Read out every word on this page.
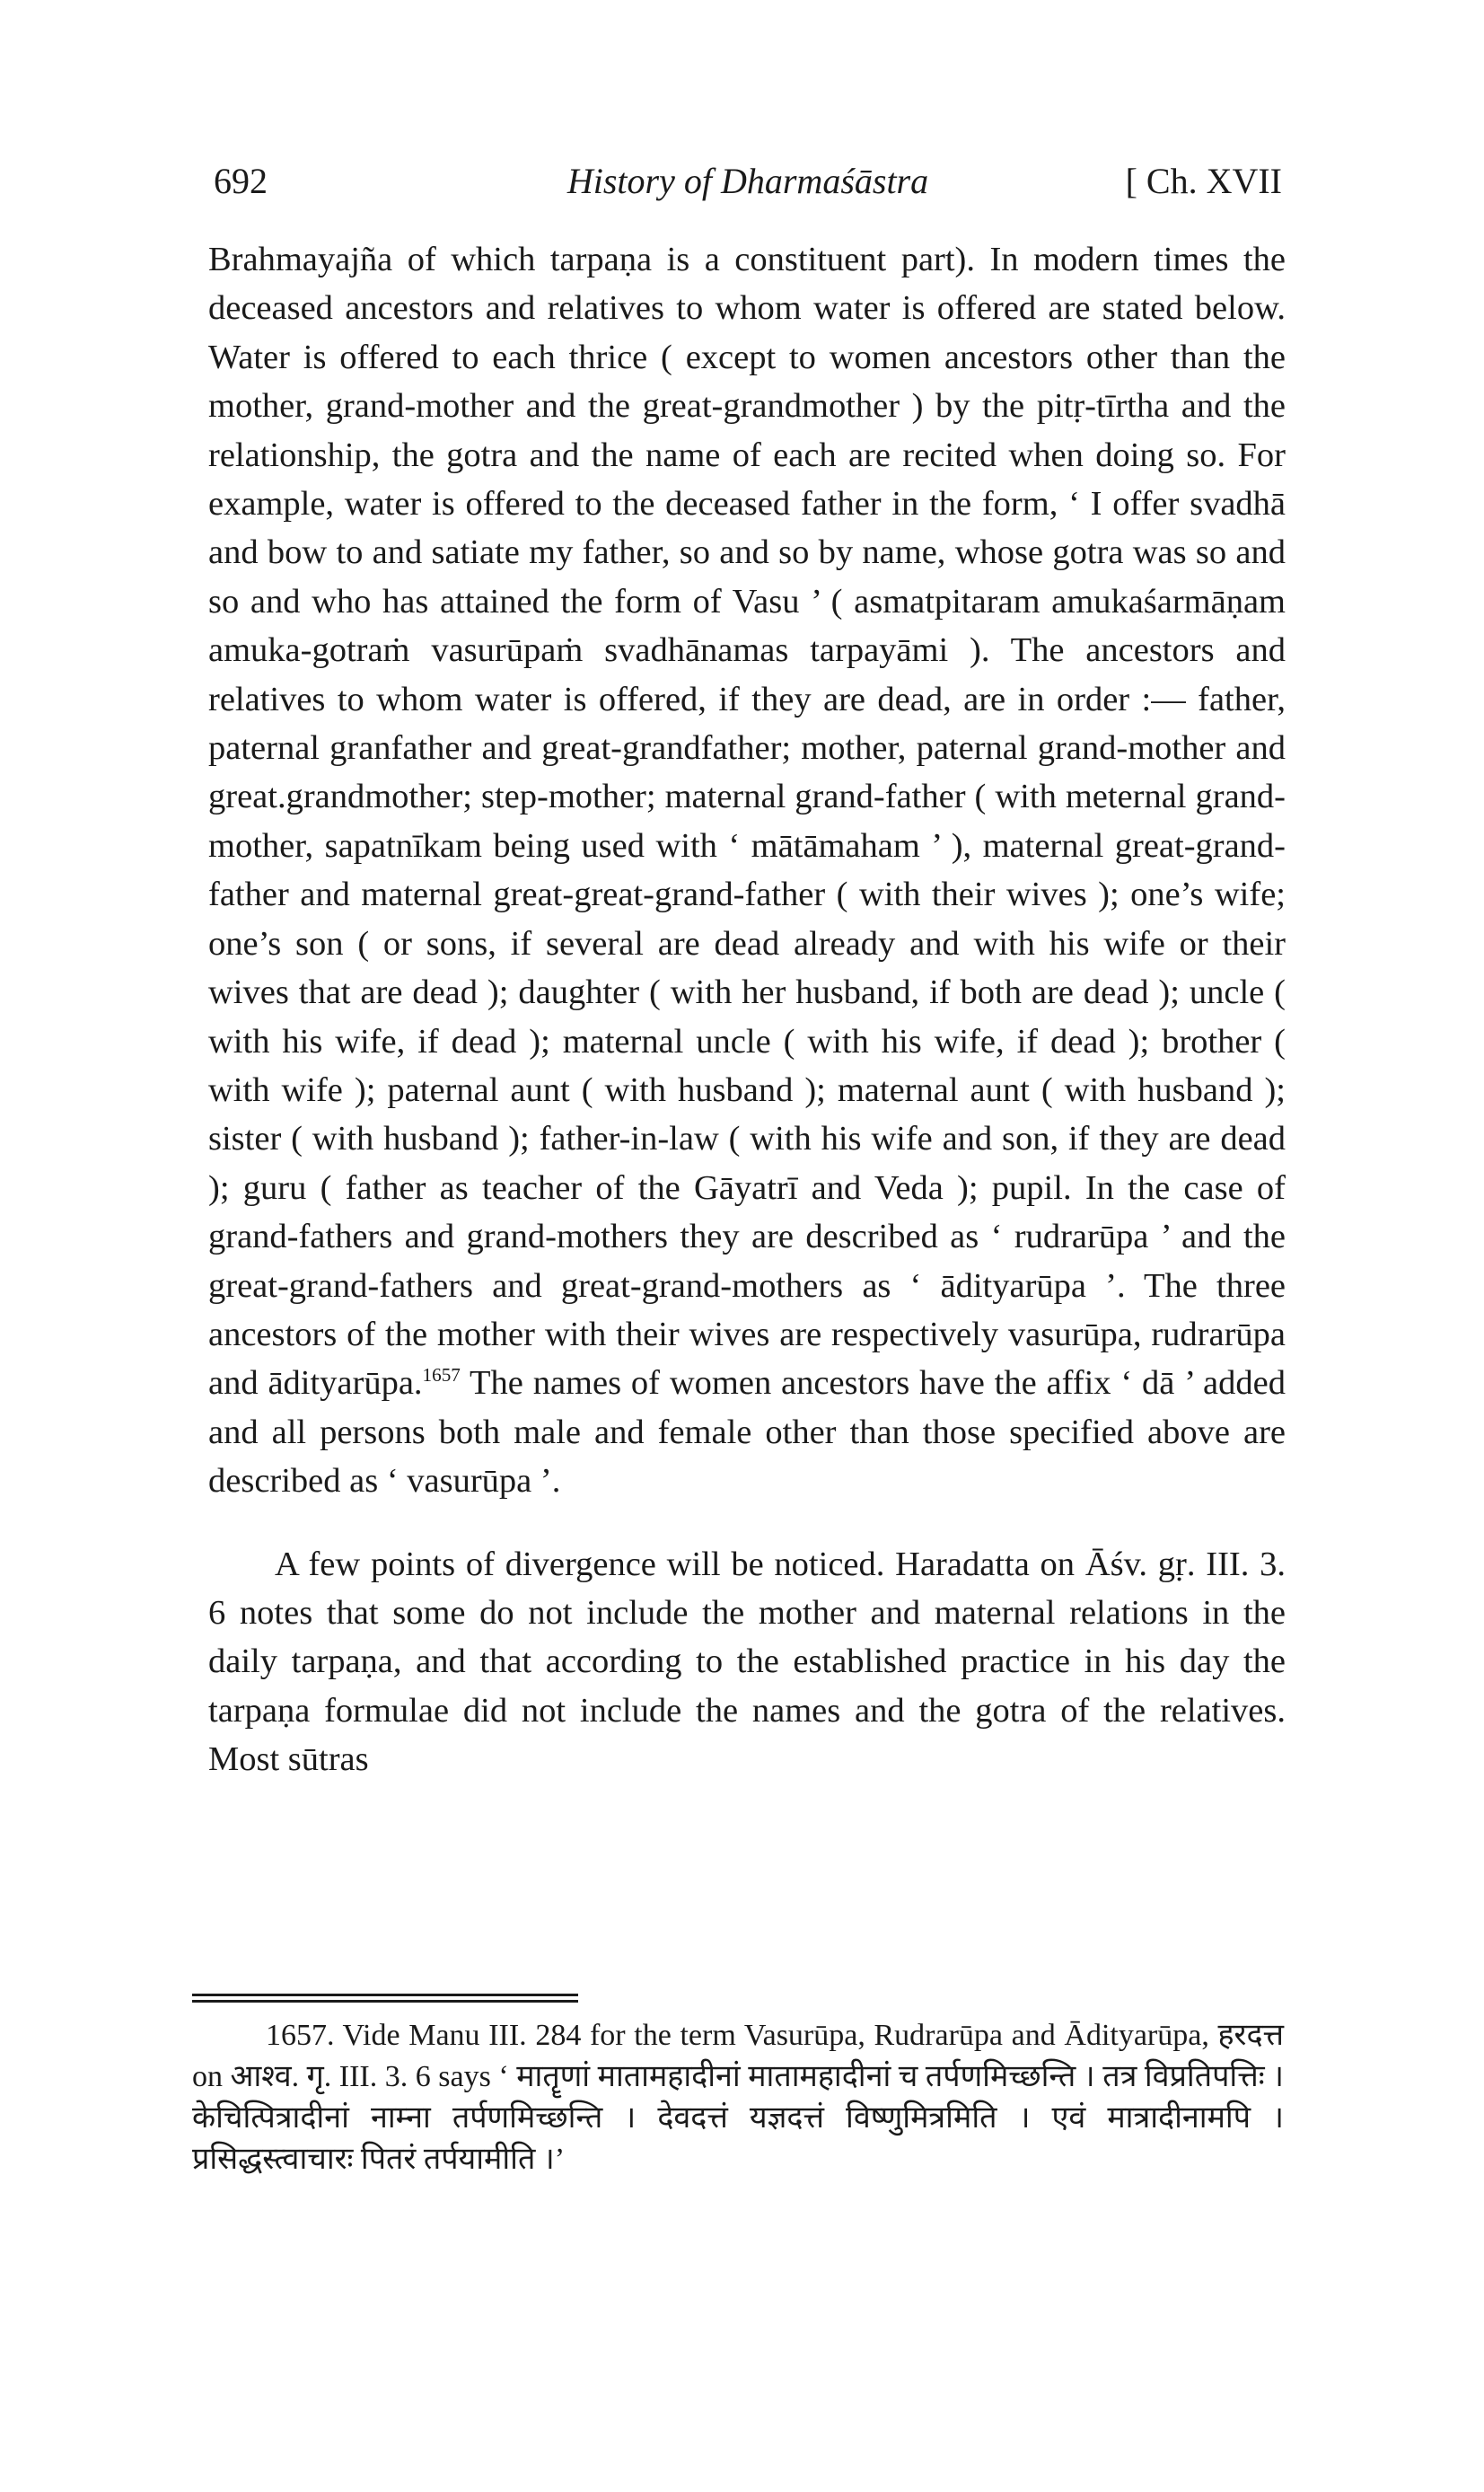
692	History of Dharmaśāstra	[ Ch. XVII

Brahmayajña of which tarpaṇa is a constituent part). In modern times the deceased ancestors and relatives to whom water is offered are stated below. Water is offered to each thrice ( except to women ancestors other than the mother, grand-mother and the great-grandmother ) by the pitṛ-tīrtha and the relationship, the gotra and the name of each are recited when doing so. For example, water is offered to the deceased father in the form, ‘ I offer svadhā and bow to and satiate my father, so and so by name, whose gotra was so and so and who has attained the form of Vasu ’ ( asmatpitaram amukaśarmāṇam amuka-gotraṁ vasurūpaṁ svadhānamas tarpayāmi ). The ancestors and relatives to whom water is offered, if they are dead, are in order :— father, paternal granfather and great-grandfather; mother, paternal grand-mother and great.grandmother; step-mother; maternal grand-father ( with meternal grand-mother, sapatnīkam being used with ‘ mātāmaham ’ ), maternal great-grand-father and maternal great-great-grand-father ( with their wives ); one’s wife; one’s son ( or sons, if several are dead already and with his wife or their wives that are dead ); daughter ( with her husband, if both are dead ); uncle ( with his wife, if dead ); maternal uncle ( with his wife, if dead ); brother ( with wife ); paternal aunt ( with husband ); maternal aunt ( with husband ); sister ( with husband ); father-in-law ( with his wife and son, if they are dead ); guru ( father as teacher of the Gāyatrī and Veda ); pupil. In the case of grand-fathers and grand-mothers they are described as ‘ rudrarūpa ’ and the great-grand-fathers and great-grand-mothers as ‘ ādityarūpa ’. The three ancestors of the mother with their wives are respectively vasurūpa, rudrarūpa and ādityarūpa.$^{1657}$ The names of women ancestors have the affix ‘ dā ’ added and all persons both male and female other than those specified above are described as ‘ vasurūpa ’.

A few points of divergence will be noticed. Haradatta on Āśv. gṛ. III. 3. 6 notes that some do not include the mother and maternal relations in the daily tarpaṇa, and that according to the established practice in his day the tarpaṇa formulae did not include the names and the gotra of the relatives. Most sūtras

1657. Vide Manu III. 284 for the term Vasurūpa, Rudrarūpa and Ādityarūpa, हरदत्त on आश्व. गृ. III. 3. 6 says ‘ मातॄणां मातामहादीनां मातामहादीनां च तर्पणमिच्छन्ति । तत्र विप्रतिपत्तिः । केचित्पित्रादीनां नाम्ना तर्पणमिच्छन्ति । देवदत्तं यज्ञदत्तं विष्णुमित्रमिति । एवं मात्रादीनामपि । प्रसिद्धस्त्वाचारः पितरं तर्पयामीति ।’
